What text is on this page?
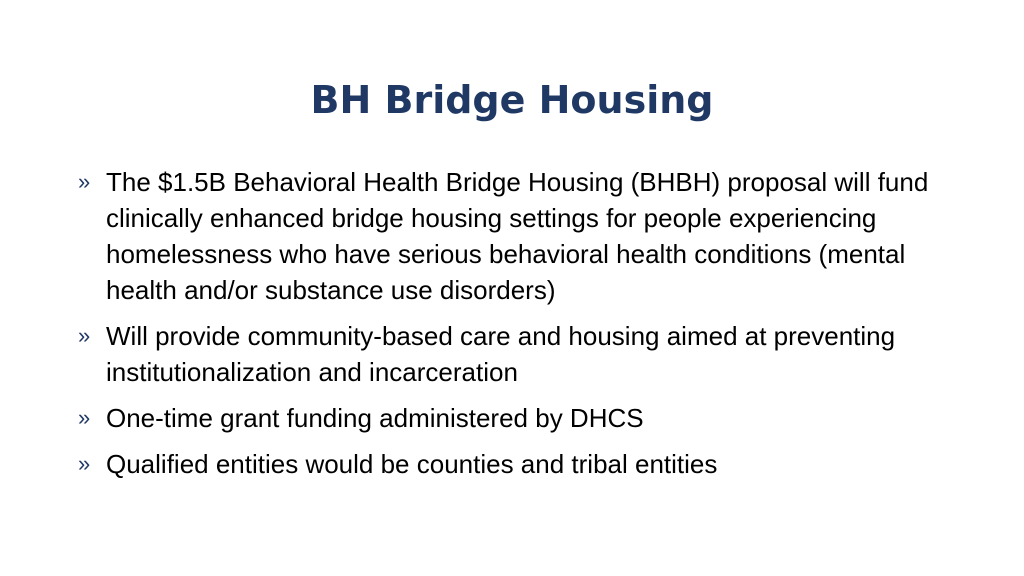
BH Bridge Housing
» The $1.5B Behavioral Health Bridge Housing (BHBH) proposal will fund clinically enhanced bridge housing settings for people experiencing homelessness who have serious behavioral health conditions (mental health and/or substance use disorders)
» Will provide community-based care and housing aimed at preventing institutionalization and incarceration
» One-time grant funding administered by DHCS
» Qualified entities would be counties and tribal entities
